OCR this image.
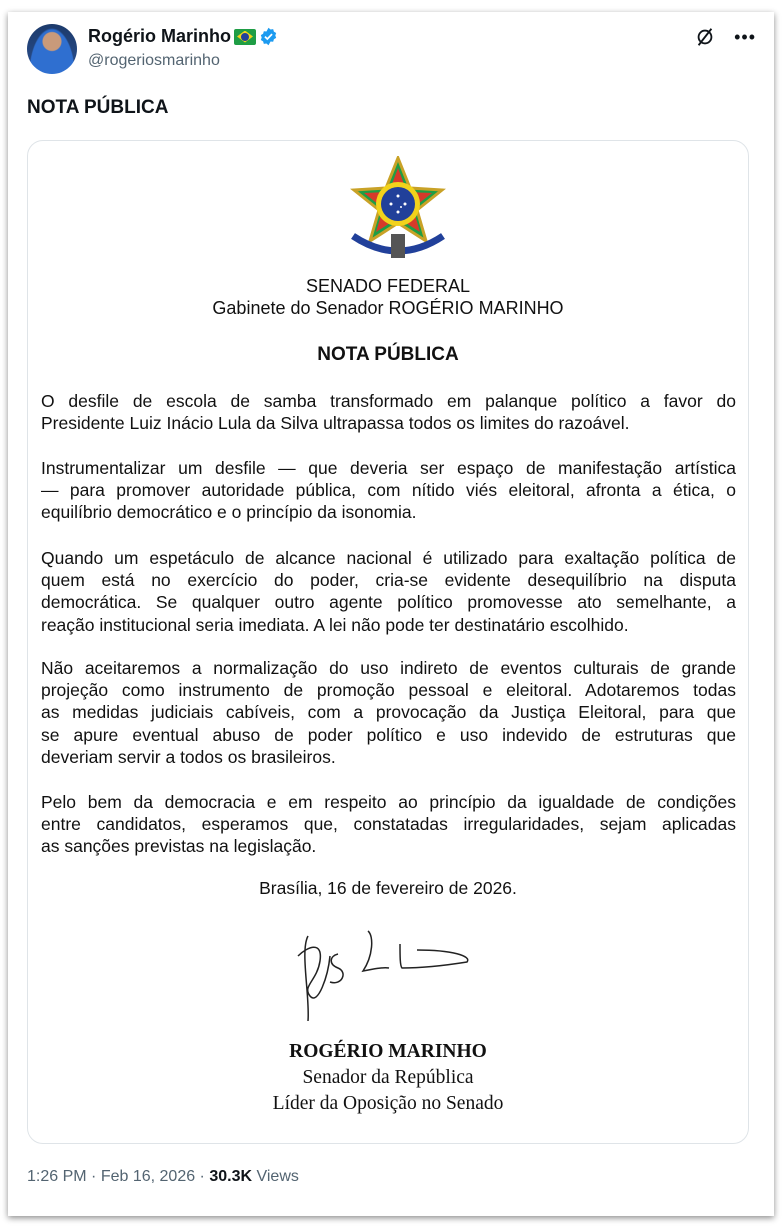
Rogério Marinho
@rogeriosmarinho
•••
NOTA PÚBLICA
SENADO FEDERAL
Gabinete do Senador ROGÉRIO MARINHO
NOTA PÚBLICA
O desfile de escola de samba transformado em palanque político a favor do
Presidente Luiz Inácio Lula da Silva ultrapassa todos os limites do razoável.
Instrumentalizar um desfile — que deveria ser espaço de manifestação artística
— para promover autoridade pública, com nítido viés eleitoral, afronta a ética, o
equilíbrio democrático e o princípio da isonomia.
Quando um espetáculo de alcance nacional é utilizado para exaltação política de
quem está no exercício do poder, cria-se evidente desequilíbrio na disputa
democrática. Se qualquer outro agente político promovesse ato semelhante, a
reação institucional seria imediata. A lei não pode ter destinatário escolhido.
Não aceitaremos a normalização do uso indireto de eventos culturais de grande
projeção como instrumento de promoção pessoal e eleitoral. Adotaremos todas
as medidas judiciais cabíveis, com a provocação da Justiça Eleitoral, para que
se apure eventual abuso de poder político e uso indevido de estruturas que
deveriam servir a todos os brasileiros.
Pelo bem da democracia e em respeito ao princípio da igualdade de condições
entre candidatos, esperamos que, constatadas irregularidades, sejam aplicadas
as sanções previstas na legislação.
Brasília, 16 de fevereiro de 2026.
ROGÉRIO MARINHO
Senador da República
Líder da Oposição no Senado
1:26 PM · Feb 16, 2026 · 30.3K Views
